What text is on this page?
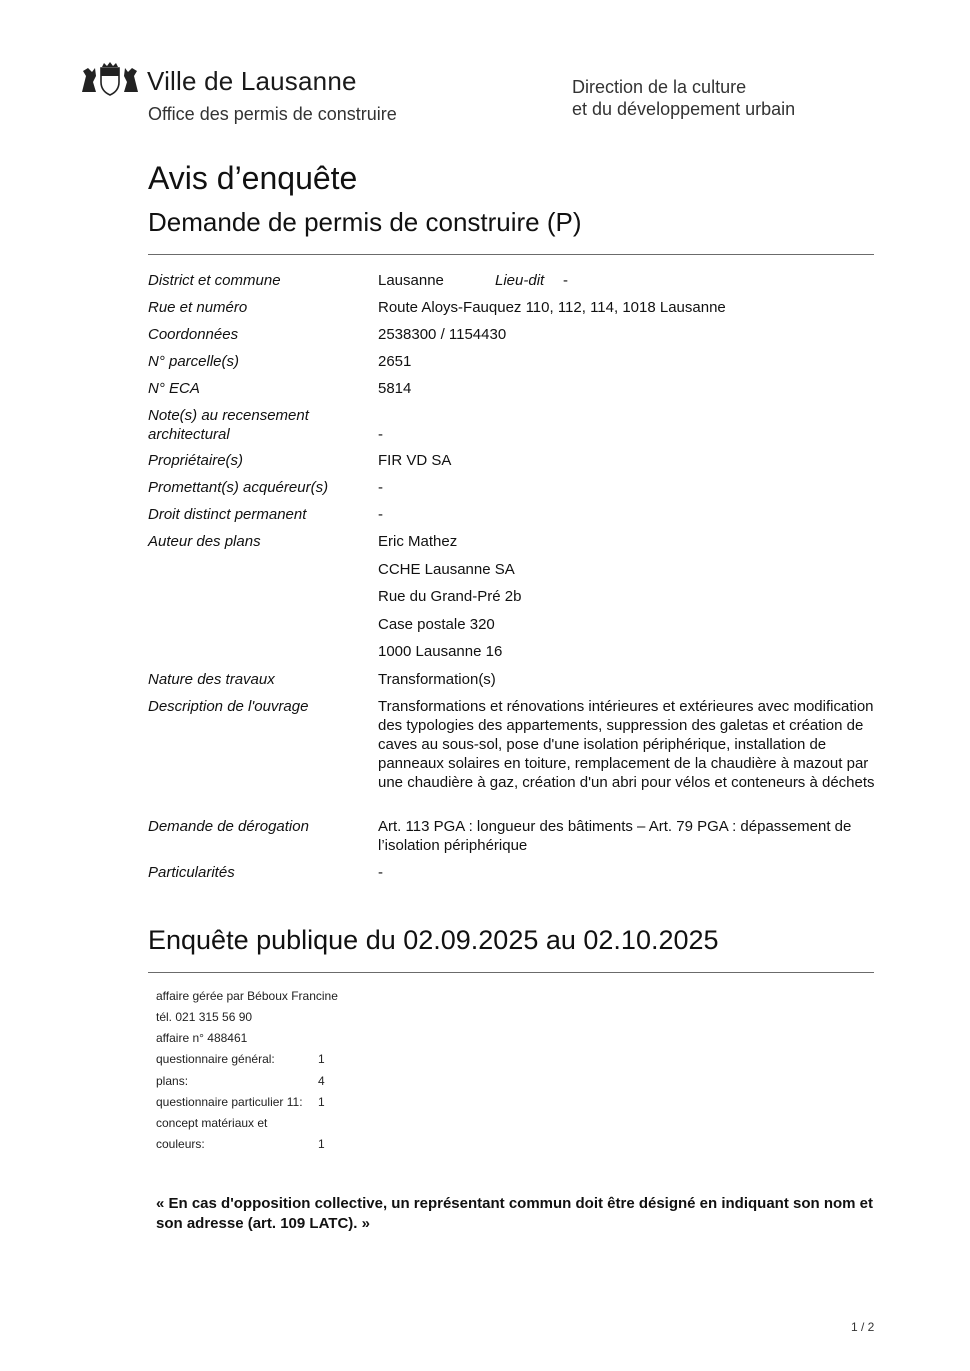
Ville de Lausanne
Office des permis de construire
Direction de la culture
et du développement urbain
Avis d’enquête
Demande de permis de construire (P)
District et commune	Lausanne	Lieu-dit -
Rue et numéro	Route Aloys-Fauquez 110, 112, 114, 1018 Lausanne
Coordonnées	2538300 / 1154430
N° parcelle(s)	2651
N° ECA	5814
Note(s) au recensement
architectural	-
Propriétaire(s)	FIR VD SA
Promettant(s) acquéreur(s)	-
Droit distinct permanent	-
Auteur des plans	Eric Mathez
CCHE Lausanne SA
Rue du Grand-Pré 2b
Case postale 320
1000 Lausanne 16
Nature des travaux	Transformation(s)
Description de l'ouvrage	Transformations et rénovations intérieures et extérieures avec modification des typologies des appartements, suppression des galetas et création de caves au sous-sol, pose d'une isolation périphérique, installation de panneaux solaires en toiture, remplacement de la chaudière à mazout par une chaudière à gaz, création d'un abri pour vélos et conteneurs à déchets
Demande de dérogation	Art. 113 PGA : longueur des bâtiments – Art. 79 PGA : dépassement de l’isolation périphérique
Particularités	-
Enquête publique du 02.09.2025 au 02.10.2025
affaire gérée par Béboux Francine
tél. 021 315 56 90
affaire n° 488461
questionnaire général:	1
plans:	4
questionnaire particulier 11: 1
concept matériaux et
couleurs:	1
« En cas d'opposition collective, un représentant commun doit être désigné en indiquant son nom et son adresse (art. 109 LATC). »
1 / 2
